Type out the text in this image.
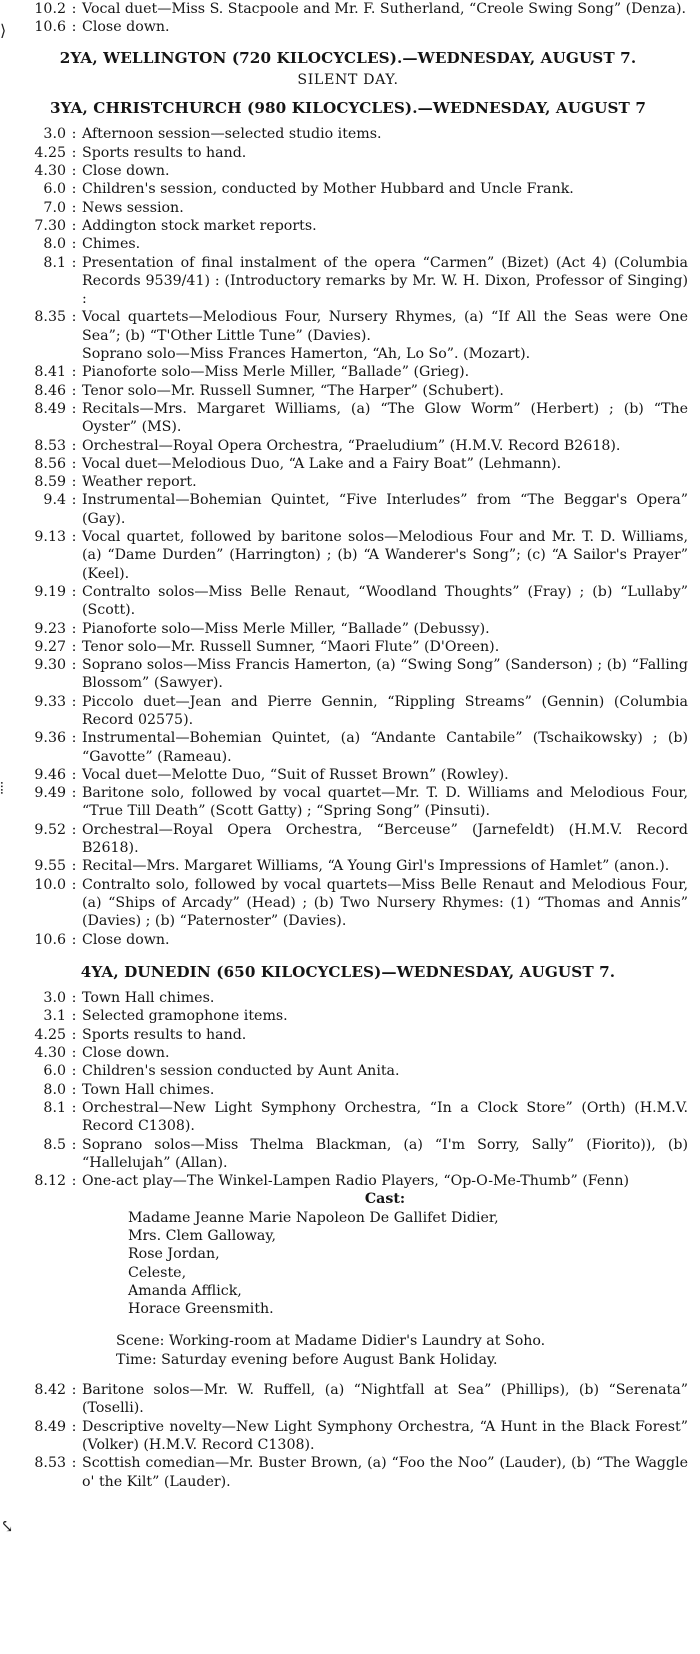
⟩
⦙
⤥
10.2 : Vocal duet—Miss S. Stacpoole and Mr. F. Sutherland, “Creole Swing Song” (Denza).
10.6 : Close down.
2YA, WELLINGTON (720 KILOCYCLES).—WEDNESDAY, AUGUST 7.
SILENT DAY.
3YA, CHRISTCHURCH (980 KILOCYCLES).—WEDNESDAY, AUGUST 7
3.0 : Afternoon session—selected studio items.
4.25 : Sports results to hand.
4.30 : Close down.
6.0 : Children's session, conducted by Mother Hubbard and Uncle Frank.
7.0 : News session.
7.30 : Addington stock market reports.
8.0 : Chimes.
8.1 : Presentation of final instalment of the opera “Carmen” (Bizet) (Act 4) (Columbia Records 9539/41) : (Introductory remarks by Mr. W. H. Dixon, Professor of Singing) :
8.35 : Vocal quartets—Melodious Four, Nursery Rhymes, (a) “If All the Seas were One Sea”; (b) “T'Other Little Tune” (Davies).
Soprano solo—Miss Frances Hamerton, “Ah, Lo So”. (Mozart).
8.41 : Pianoforte solo—Miss Merle Miller, “Ballade” (Grieg).
8.46 : Tenor solo—Mr. Russell Sumner, “The Harper” (Schubert).
8.49 : Recitals—Mrs. Margaret Williams, (a) “The Glow Worm” (Herbert) ; (b) “The Oyster” (MS).
8.53 : Orchestral—Royal Opera Orchestra, “Praeludium” (H.M.V. Record B2618).
8.56 : Vocal duet—Melodious Duo, “A Lake and a Fairy Boat” (Lehmann).
8.59 : Weather report.
9.4 : Instrumental—Bohemian Quintet, “Five Interludes” from “The Beggar's Opera” (Gay).
9.13 : Vocal quartet, followed by baritone solos—Melodious Four and Mr. T. D. Williams, (a) “Dame Durden” (Harrington) ; (b) “A Wanderer's Song”; (c) “A Sailor's Prayer” (Keel).
9.19 : Contralto solos—Miss Belle Renaut, “Woodland Thoughts” (Fray) ; (b) “Lullaby” (Scott).
9.23 : Pianoforte solo—Miss Merle Miller, “Ballade” (Debussy).
9.27 : Tenor solo—Mr. Russell Sumner, “Maori Flute” (D'Oreen).
9.30 : Soprano solos—Miss Francis Hamerton, (a) “Swing Song” (Sanderson) ; (b) “Falling Blossom” (Sawyer).
9.33 : Piccolo duet—Jean and Pierre Gennin, “Rippling Streams” (Gennin) (Columbia Record 02575).
9.36 : Instrumental—Bohemian Quintet, (a) “Andante Cantabile” (Tschaikowsky) ; (b) “Gavotte” (Rameau).
9.46 : Vocal duet—Melotte Duo, “Suit of Russet Brown” (Rowley).
9.49 : Baritone solo, followed by vocal quartet—Mr. T. D. Williams and Melodious Four, “True Till Death” (Scott Gatty) ; “Spring Song” (Pinsuti).
9.52 : Orchestral—Royal Opera Orchestra, “Berceuse” (Jarnefeldt) (H.M.V. Record B2618).
9.55 : Recital—Mrs. Margaret Williams, “A Young Girl's Impressions of Hamlet” (anon.).
10.0 : Contralto solo, followed by vocal quartets—Miss Belle Renaut and Melodious Four, (a) “Ships of Arcady” (Head) ; (b) Two Nursery Rhymes: (1) “Thomas and Annis” (Davies) ; (b) “Paternoster” (Davies).
10.6 : Close down.
4YA, DUNEDIN (650 KILOCYCLES)—WEDNESDAY, AUGUST 7.
3.0 : Town Hall chimes.
3.1 : Selected gramophone items.
4.25 : Sports results to hand.
4.30 : Close down.
6.0 : Children's session conducted by Aunt Anita.
8.0 : Town Hall chimes.
8.1 : Orchestral—New Light Symphony Orchestra, “In a Clock Store” (Orth) (H.M.V. Record C1308).
8.5 : Soprano solos—Miss Thelma Blackman, (a) “I'm Sorry, Sally” (Fiorito)), (b) “Hallelujah” (Allan).
8.12 : One-act play—The Winkel-Lampen Radio Players, “Op-O-Me-Thumb” (Fenn)
Cast:
Madame Jeanne Marie Napoleon De Gallifet Didier,
Mrs. Clem Galloway,
Rose Jordan,
Celeste,
Amanda Afflick,
Horace Greensmith.
Scene: Working-room at Madame Didier's Laundry at Soho.
Time: Saturday evening before August Bank Holiday.
8.42 : Baritone solos—Mr. W. Ruffell, (a) “Nightfall at Sea” (Phillips), (b) “Serenata” (Toselli).
8.49 : Descriptive novelty—New Light Symphony Orchestra, “A Hunt in the Black Forest” (Volker) (H.M.V. Record C1308).
8.53 : Scottish comedian—Mr. Buster Brown, (a) “Foo the Noo” (Lauder), (b) “The Waggle o' the Kilt” (Lauder).
